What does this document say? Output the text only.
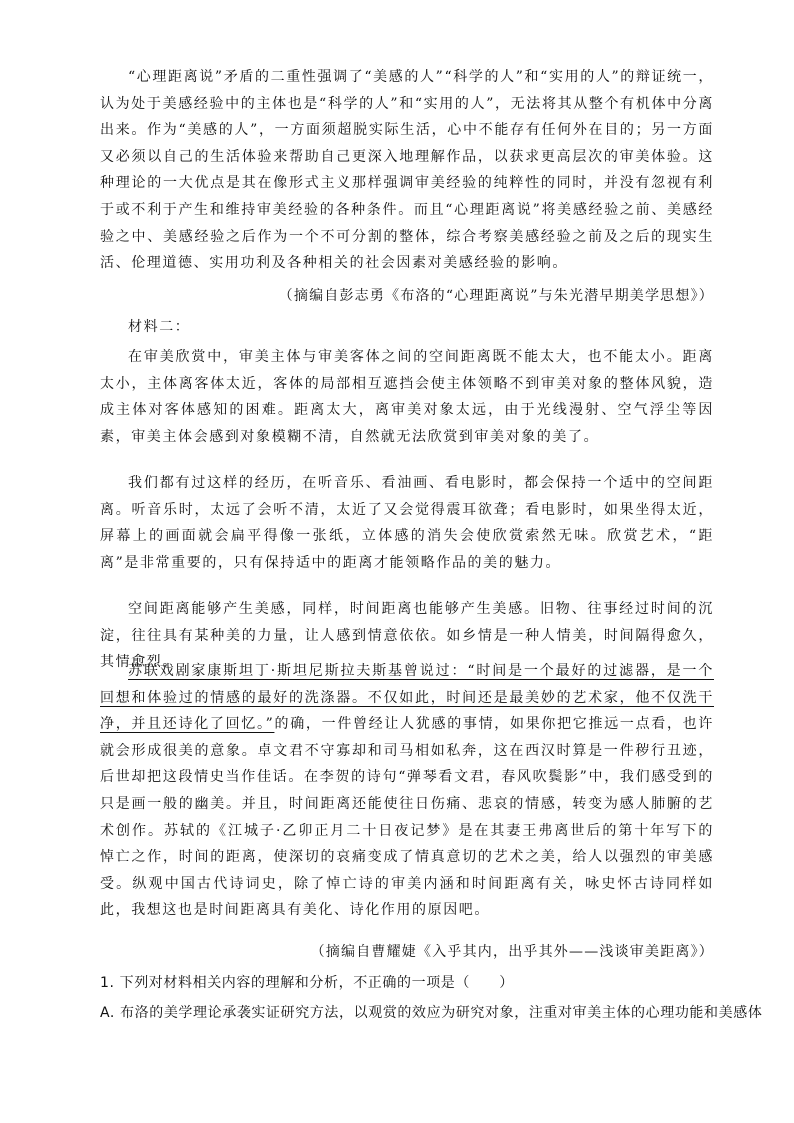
“心理距离说”矛盾的二重性强调了“美感的人”“科学的人”和“实用的人”的辩证统一，认为处于美感经验中的主体也是“科学的人”和“实用的人”，无法将其从整个有机体中分离出来。作为“美感的人”，一方面须超脱实际生活，心中不能存有任何外在目的；另一方面又必须以自己的生活体验来帮助自己更深入地理解作品，以获求更高层次的审美体验。这种理论的一大优点是其在像形式主义那样强调审美经验的纯粹性的同时，并没有忽视有利于或不利于产生和维持审美经验的各种条件。而且“心理距离说”将美感经验之前、美感经验之中、美感经验之后作为一个不可分割的整体，综合考察美感经验之前及之后的现实生活、伦理道德、实用功利及各种相关的社会因素对美感经验的影响。
（摘编自彭志勇《布洛的“心理距离说”与朱光潜早期美学思想》）
材料二：
在审美欣赏中，审美主体与审美客体之间的空间距离既不能太大，也不能太小。距离太小，主体离客体太近，客体的局部相互遮挡会使主体领略不到审美对象的整体风貌，造成主体对客体感知的困难。距离太大，离审美对象太远，由于光线漫射、空气浮尘等因素，审美主体会感到对象模糊不清，自然就无法欣赏到审美对象的美了。
我们都有过这样的经历，在听音乐、看油画、看电影时，都会保持一个适中的空间距离。听音乐时，太远了会听不清，太近了又会觉得震耳欲聋；看电影时，如果坐得太近，屏幕上的画面就会扁平得像一张纸，立体感的消失会使欣赏索然无味。欣赏艺术，“距离”是非常重要的，只有保持适中的距离才能领略作品的美的魅力。
空间距离能够产生美感，同样，时间距离也能够产生美感。旧物、往事经过时间的沉淀，往往具有某种美的力量，让人感到情意依依。如乡情是一种人情美，时间隔得愈久，其情愈烈。
苏联戏剧家康斯坦丁·斯坦尼斯拉夫斯基曾说过：“时间是一个最好的过滤器，是一个回想和体验过的情感的最好的洗涤器。不仅如此，时间还是最美妙的艺术家，他不仅洗干净，并且还诗化了回忆。”的确，一件曾经让人犹感的事情，如果你把它推远一点看，也许就会形成很美的意象。卓文君不守寡却和司马相如私奔，这在西汉时算是一件秽行丑迹，后世却把这段情史当作佳话。在李贺的诗句“弹琴看文君，春风吹鬓影”中，我们感受到的只是画一般的幽美。并且，时间距离还能使往日伤痛、悲哀的情感，转变为感人肺腑的艺术创作。苏轼的《江城子·乙卯正月二十日夜记梦》是在其妻王弗离世后的第十年写下的悼亡之作，时间的距离，使深切的哀痛变成了情真意切的艺术之美，给人以强烈的审美感受。纵观中国古代诗词史，除了悼亡诗的审美内涵和时间距离有关，咏史怀古诗同样如此，我想这也是时间距离具有美化、诗化作用的原因吧。
（摘编自曹耀婕《入乎其内，出乎其外——浅谈审美距离》）
1. 下列对材料相关内容的理解和分析，不正确的一项是（　　）
A. 布洛的美学理论承袭实证研究方法，以观赏的效应为研究对象，注重对审美主体的心理功能和美感体
